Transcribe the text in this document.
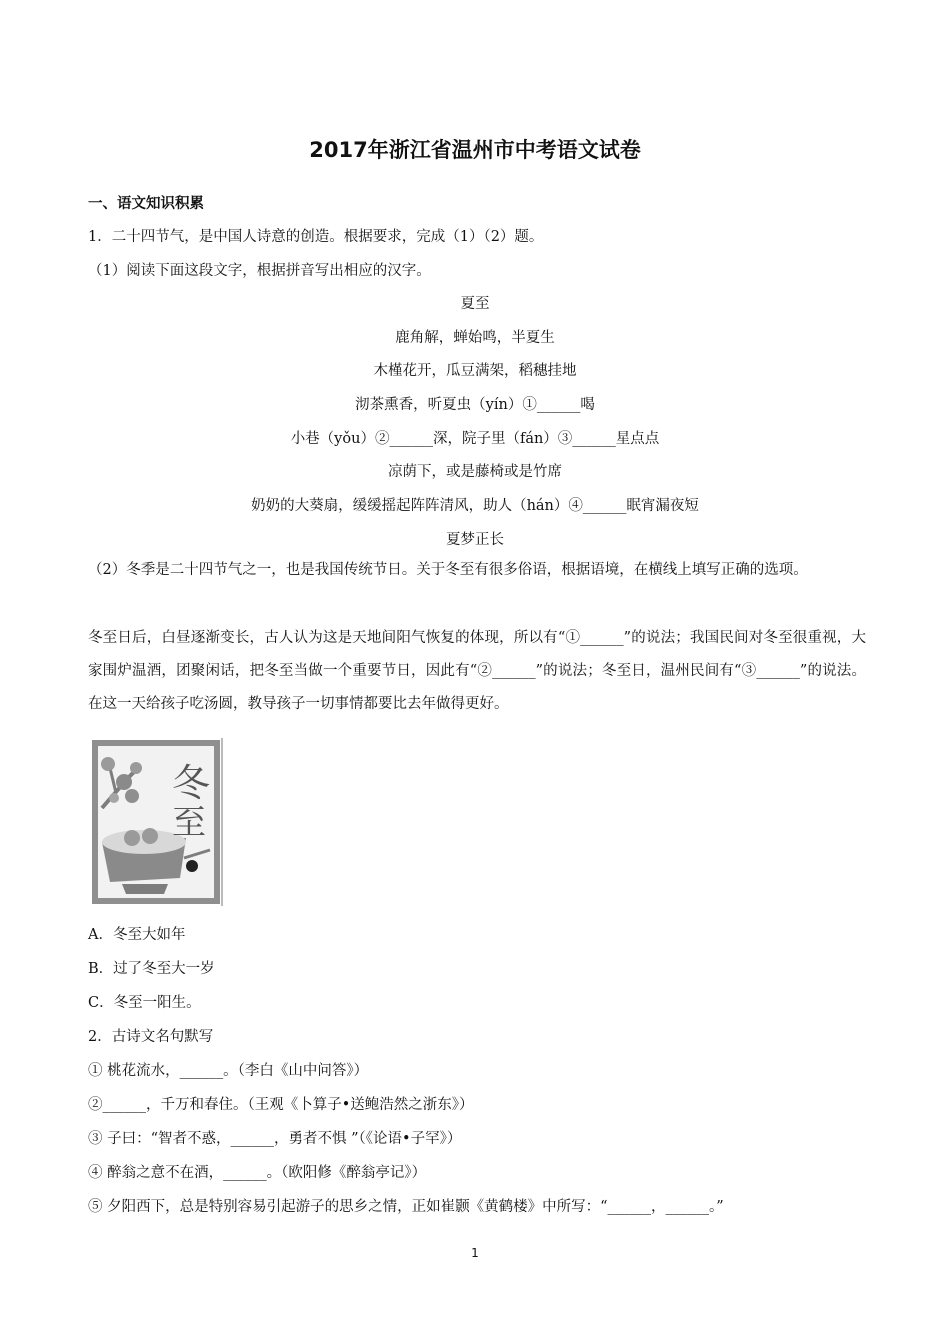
2017年浙江省温州市中考语文试卷
一、语文知识积累
1．二十四节气，是中国人诗意的创造。根据要求，完成（1）（2）题。
（1）阅读下面这段文字，根据拼音写出相应的汉字。
夏至
鹿角解，蝉始鸣，半夏生
木槿花开，瓜豆满架，稻穗挂地
沏茶熏香，听夏虫（yín）①______喝
小巷（yǒu）②______深，院子里（fán）③______星点点
凉荫下，或是藤椅或是竹席
奶奶的大葵扇，缓缓摇起阵阵清风，助人（hán）④______眠宵漏夜短
夏梦正长
（2）冬季是二十四节气之一，也是我国传统节日。关于冬至有很多俗语，根据语境，在横线上填写正确的选项。
冬至日后，白昼逐渐变长，古人认为这是天地间阳气恢复的体现，所以有“①______”的说法；我国民间对冬至很重视，大家围炉温酒，团聚闲话，把冬至当做一个重要节日，因此有“②______”的说法；冬至日，温州民间有“③______”的说法。在这一天给孩子吃汤圆，教导孩子一切事情都要比去年做得更好。
冬
至
A．冬至大如年
B．过了冬至大一岁
C．冬至一阳生。
2．古诗文名句默写
① 桃花流水，______。（李白《山中问答》）
②______，千万和春住。（王观《卜算子•送鲍浩然之浙东》）
③ 子曰：“智者不惑，______，勇者不惧 ”（《论语•子罕》）
④ 醉翁之意不在酒，______。（欧阳修《醉翁亭记》）
⑤ 夕阳西下，总是特别容易引起游子的思乡之情，正如崔颢《黄鹤楼》中所写：“______，______。”
1
